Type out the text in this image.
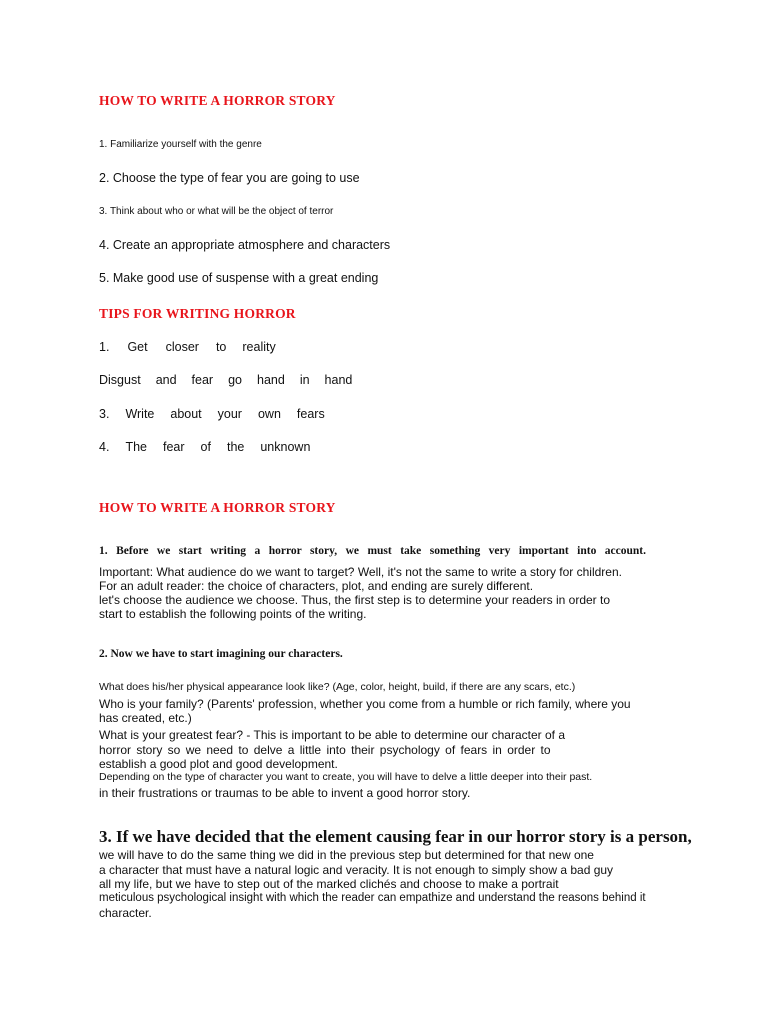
HOW TO WRITE A HORROR STORY
1. Familiarize yourself with the genre
2. Choose the type of fear you are going to use
3. Think about who or what will be the object of terror
4. Create an appropriate atmosphere and characters
5. Make good use of suspense with a great ending
TIPS FOR WRITING HORROR
1. Get closer to reality
Disgust and fear go hand in hand
3. Write about your own fears
4. The fear of the unknown
HOW TO WRITE A HORROR STORY
1. Before we start writing a horror story, we must take something very important into account.
Important: What audience do we want to target? Well, it's not the same to write a story for children.
For an adult reader: the choice of characters, plot, and ending are surely different.
let's choose the audience we choose. Thus, the first step is to determine your readers in order to
start to establish the following points of the writing.
2. Now we have to start imagining our characters.
What does his/her physical appearance look like? (Age, color, height, build, if there are any scars, etc.)
Who is your family? (Parents' profession, whether you come from a humble or rich family, where you
has created, etc.)
What is your greatest fear? - This is important to be able to determine our character of a
horror story so we need to delve a little into their psychology of fears in order to
establish a good plot and good development.
Depending on the type of character you want to create, you will have to delve a little deeper into their past.
in their frustrations or traumas to be able to invent a good horror story.
3. If we have decided that the element causing fear in our horror story is a person,
we will have to do the same thing we did in the previous step but determined for that new one
a character that must have a natural logic and veracity. It is not enough to simply show a bad guy
all my life, but we have to step out of the marked clichés and choose to make a portrait
meticulous psychological insight with which the reader can empathize and understand the reasons behind it
character.
